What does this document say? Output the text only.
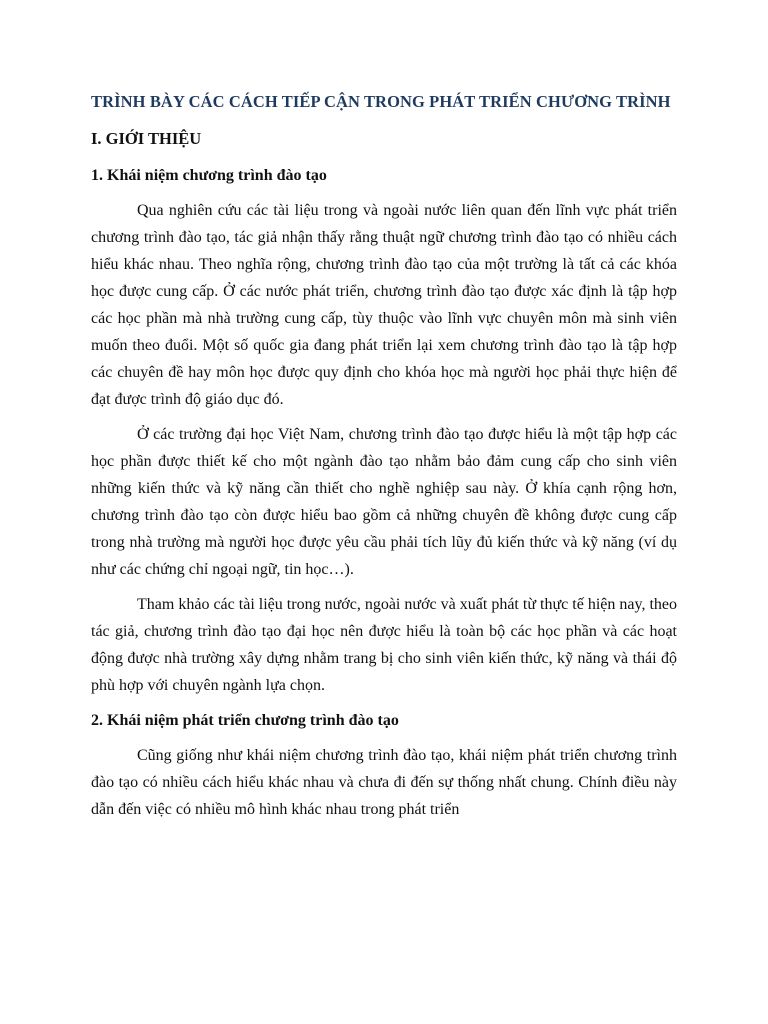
TRÌNH BÀY CÁC CÁCH TIẾP CẬN TRONG PHÁT TRIỂN CHƯƠNG TRÌNH
I. GIỚI THIỆU
1. Khái niệm chương trình đào tạo

Qua nghiên cứu các tài liệu trong và ngoài nước liên quan đến lĩnh vực phát triển chương trình đào tạo, tác giả nhận thấy rằng thuật ngữ chương trình đào tạo có nhiều cách hiểu khác nhau. Theo nghĩa rộng, chương trình đào tạo của một trường là tất cả các khóa học được cung cấp. Ở các nước phát triển, chương trình đào tạo được xác định là tập hợp các học phần mà nhà trường cung cấp, tùy thuộc vào lĩnh vực chuyên môn mà sinh viên muốn theo đuổi. Một số quốc gia đang phát triển lại xem chương trình đào tạo là tập hợp các chuyên đề hay môn học được quy định cho khóa học mà người học phải thực hiện để đạt được trình độ giáo dục đó.

Ở các trường đại học Việt Nam, chương trình đào tạo được hiểu là một tập hợp các học phần được thiết kế cho một ngành đào tạo nhằm bảo đảm cung cấp cho sinh viên những kiến thức và kỹ năng cần thiết cho nghề nghiệp sau này. Ở khía cạnh rộng hơn, chương trình đào tạo còn được hiểu bao gồm cả những chuyên đề không được cung cấp trong nhà trường mà người học được yêu cầu phải tích lũy đủ kiến thức và kỹ năng (ví dụ như các chứng chỉ ngoại ngữ, tin học…).

Tham khảo các tài liệu trong nước, ngoài nước và xuất phát từ thực tế hiện nay, theo tác giả, chương trình đào tạo đại học nên được hiểu là toàn bộ các học phần và các hoạt động được nhà trường xây dựng nhằm trang bị cho sinh viên kiến thức, kỹ năng và thái độ phù hợp với chuyên ngành lựa chọn.

2. Khái niệm phát triển chương trình đào tạo

Cũng giống như khái niệm chương trình đào tạo, khái niệm phát triển chương trình đào tạo có nhiều cách hiểu khác nhau và chưa đi đến sự thống nhất chung. Chính điều này dẫn đến việc có nhiều mô hình khác nhau trong phát triển
